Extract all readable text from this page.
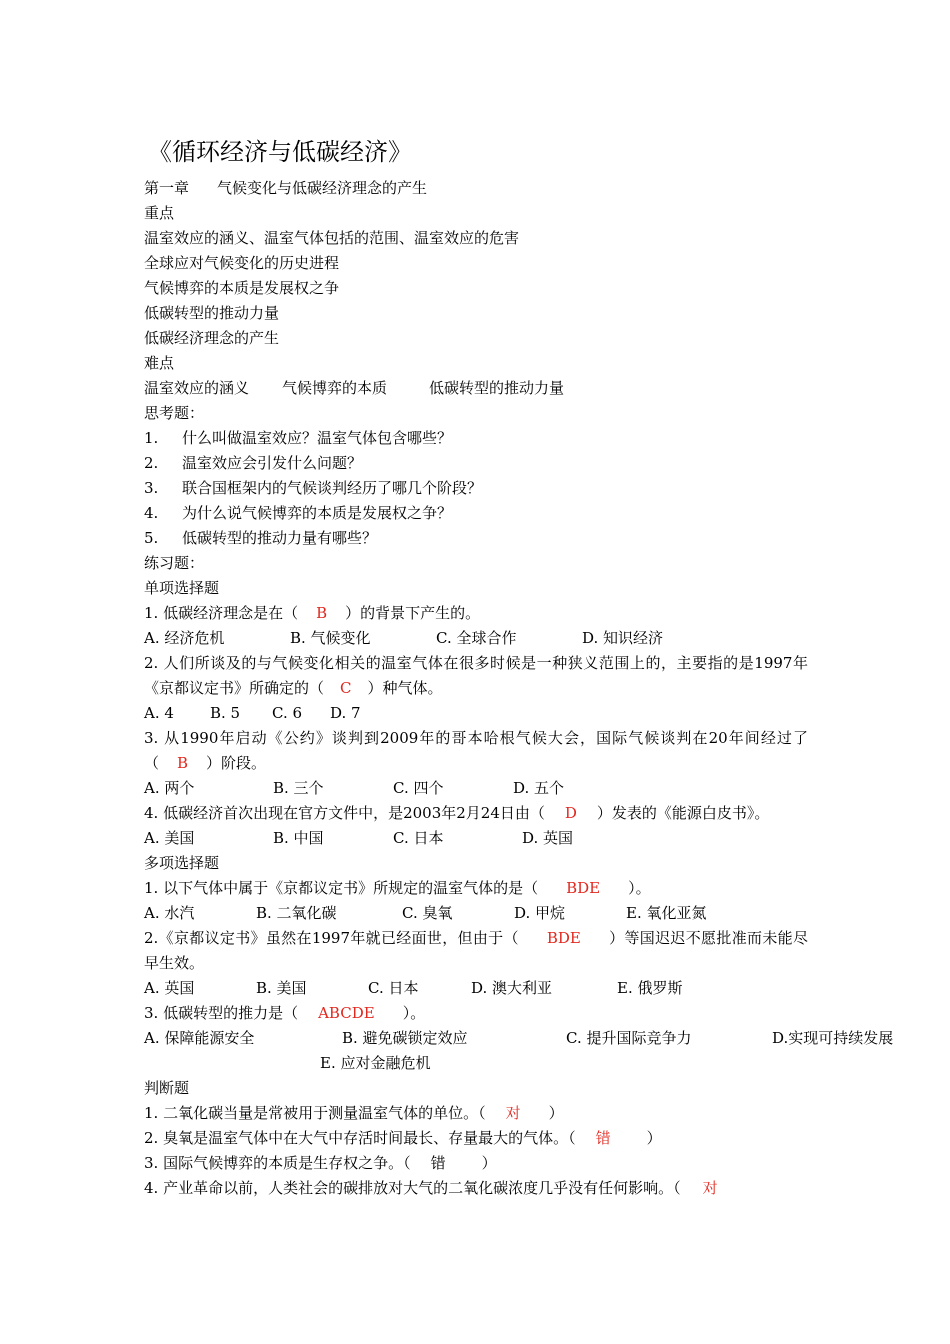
《循环经济与低碳经济》
第一章 气候变化与低碳经济理念的产生
重点
温室效应的涵义、温室气体包括的范围、温室效应的危害
全球应对气候变化的历史进程
气候博弈的本质是发展权之争
低碳转型的推动力量
低碳经济理念的产生
难点
温室效应的涵义 气候博弈的本质	低碳转型的推动力量
思考题：
1. 什么叫做温室效应？温室气体包含哪些？
2. 温室效应会引发什么问题？
3. 联合国框架内的气候谈判经历了哪几个阶段？
4. 为什么说气候博弈的本质是发展权之争？
5. 低碳转型的推动力量有哪些？
练习题：
单项选择题
1. 低碳经济理念是在（ B ）的背景下产生的。
A. 经济危机	B. 气候变化	C. 全球合作	D. 知识经济
2. 人们所谈及的与气候变化相关的温室气体在很多时候是一种狭义范围上的，主要指的是1997年《京都议定书》所确定的（ C ）种气体。
A. 4 B. 5 C. 6 D. 7
3. 从1990年启动《公约》谈判到2009年的哥本哈根气候大会，国际气候谈判在20年间经过了（ B ）阶段。
A. 两个	B. 三个	C. 四个	D. 五个
4. 低碳经济首次出现在官方文件中，是2003年2月24日由（ D ）发表的《能源白皮书》。
A. 美国	B. 中国	C. 日本	D. 英国
多项选择题
1. 以下气体中属于《京都议定书》所规定的温室气体的是（ BDE ）。
A. 水汽	B. 二氧化碳	C. 臭氧	D. 甲烷	E. 氧化亚氮
2.《京都议定书》虽然在1997年就已经面世，但由于（ BDE ）等国迟迟不愿批准而未能尽早生效。
A. 英国	B. 美国	C. 日本	D. 澳大利亚	E. 俄罗斯
3. 低碳转型的推力是（ ABCDE ）。
A. 保障能源安全	B. 避免碳锁定效应	C. 提升国际竞争力	D.实现可持续发展
E. 应对金融危机
判断题
1. 二氧化碳当量是常被用于测量温室气体的单位。（ 对 ）
2. 臭氧是温室气体中在大气中存活时间最长、存量最大的气体。（ 错 ）
3. 国际气候博弈的本质是生存权之争。（ 错 ）
4. 产业革命以前，人类社会的碳排放对大气的二氧化碳浓度几乎没有任何影响。（ 对
